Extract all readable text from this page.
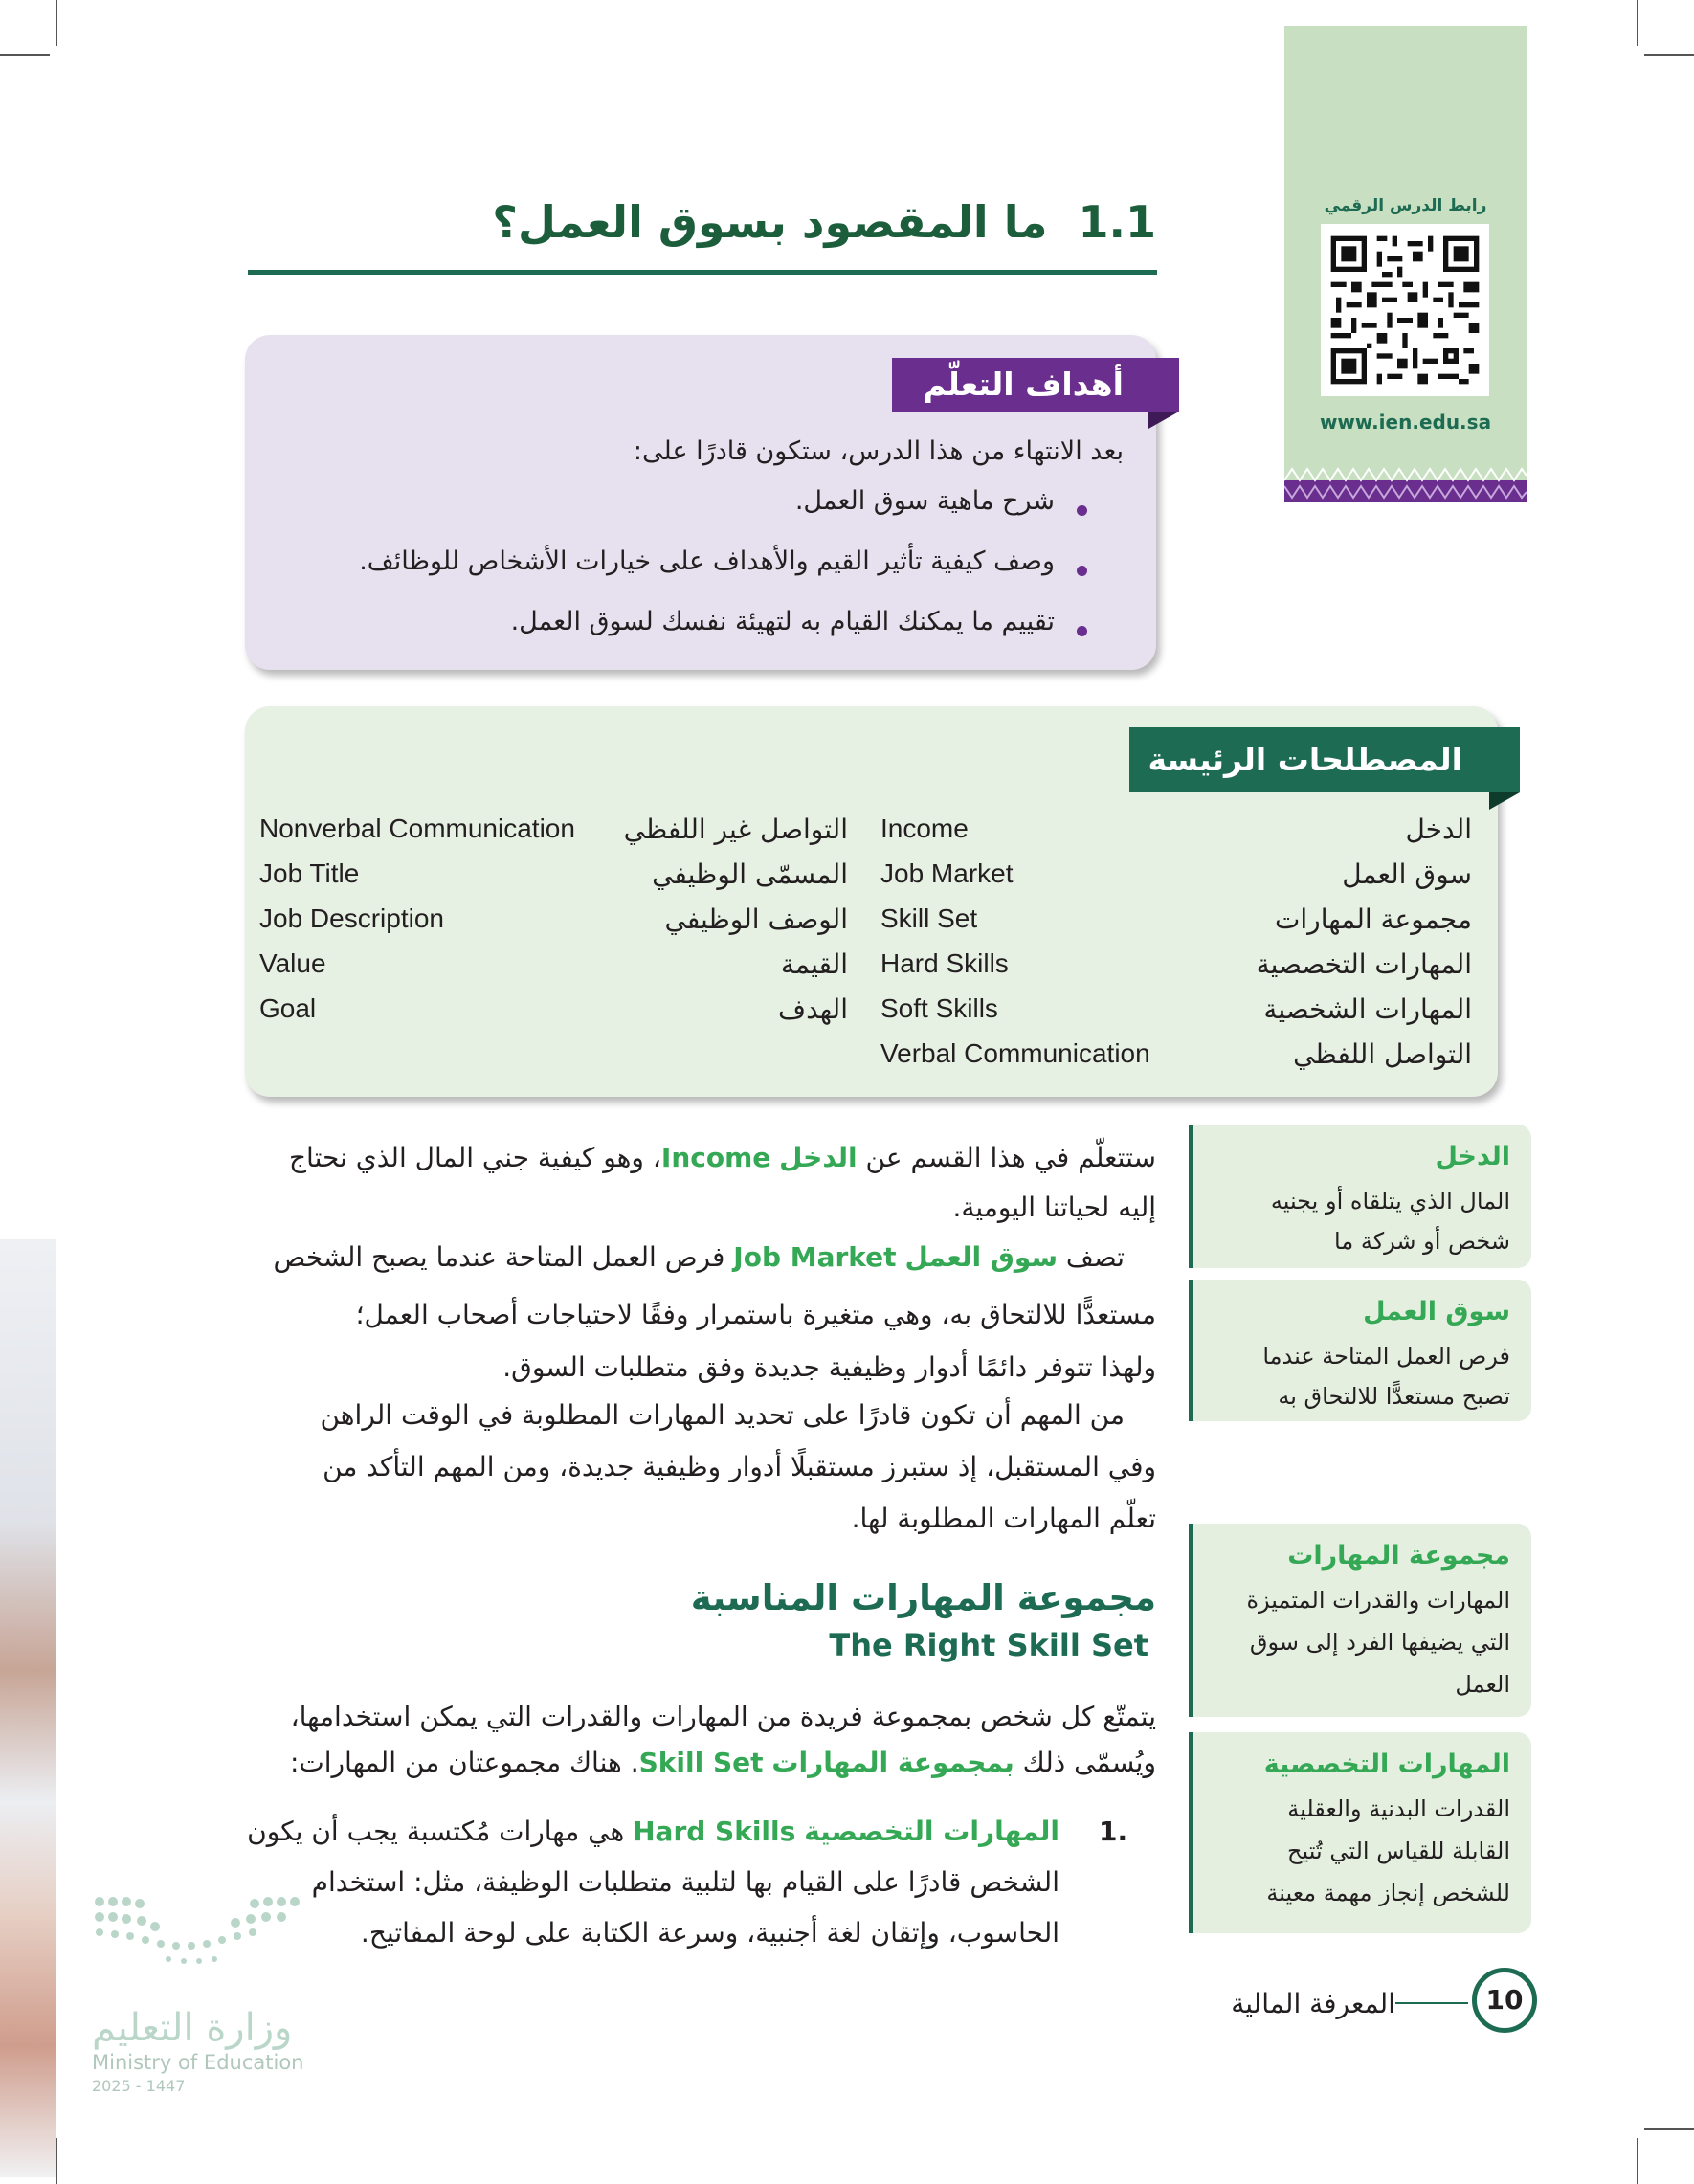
رابط الدرس الرقمي
www.ien.edu.sa
1.1  ما المقصود بسوق العمل؟
أهداف التعلّم
بعد الانتهاء من هذا الدرس، ستكون قادرًا على:
شرح ماهية سوق العمل.
وصف كيفية تأثير القيم والأهداف على خيارات الأشخاص للوظائف.
تقييم ما يمكنك القيام به لتهيئة نفسك لسوق العمل.
المصطلحات الرئيسة
الدخل
Income
سوق العمل
Job Market
مجموعة المهارات
Skill Set
المهارات التخصصية
Hard Skills
المهارات الشخصية
Soft Skills
التواصل اللفظي
Verbal Communication
التواصل غير اللفظي
Nonverbal Communication
المسمّى الوظيفي
Job Title
الوصف الوظيفي
Job Description
القيمة
Value
الهدف
Goal
الدخل
المال الذي يتلقاه أو يجنيه
شخص أو شركة ما
سوق العمل
فرص العمل المتاحة عندما
تصبح مستعدًّا للالتحاق به
مجموعة المهارات
المهارات والقدرات المتميزة
التي يضيفها الفرد إلى سوق
العمل
المهارات التخصصية
القدرات البدنية والعقلية
القابلة للقياس التي تُتيح
للشخص إنجاز مهمة معينة
ستتعلّم في هذا القسم عن الدخل Income، وهو كيفية جني المال الذي نحتاج
إليه لحياتنا اليومية.
تصف سوق العمل Job Market فرص العمل المتاحة عندما يصبح الشخص
مستعدًّا للالتحاق به، وهي متغيرة باستمرار وفقًا لاحتياجات أصحاب العمل؛
ولهذا تتوفر دائمًا أدوار وظيفية جديدة وفق متطلبات السوق.
من المهم أن تكون قادرًا على تحديد المهارات المطلوبة في الوقت الراهن
وفي المستقبل، إذ ستبرز مستقبلًا أدوار وظيفية جديدة، ومن المهم التأكد من
تعلّم المهارات المطلوبة لها.
مجموعة المهارات المناسبة
The Right Skill Set
يتمتّع كل شخص بمجموعة فريدة من المهارات والقدرات التي يمكن استخدامها،
ويُسمّى ذلك بمجموعة المهارات Skill Set. هناك مجموعتان من المهارات:
1.
المهارات التخصصية Hard Skills هي مهارات مُكتسبة يجب أن يكون
الشخص قادرًا على القيام بها لتلبية متطلبات الوظيفة، مثل: استخدام
الحاسوب، وإتقان لغة أجنبية، وسرعة الكتابة على لوحة المفاتيح.
10
المعرفة المالية
وزارة التعليم
Ministry of Education
2025 - 1447
